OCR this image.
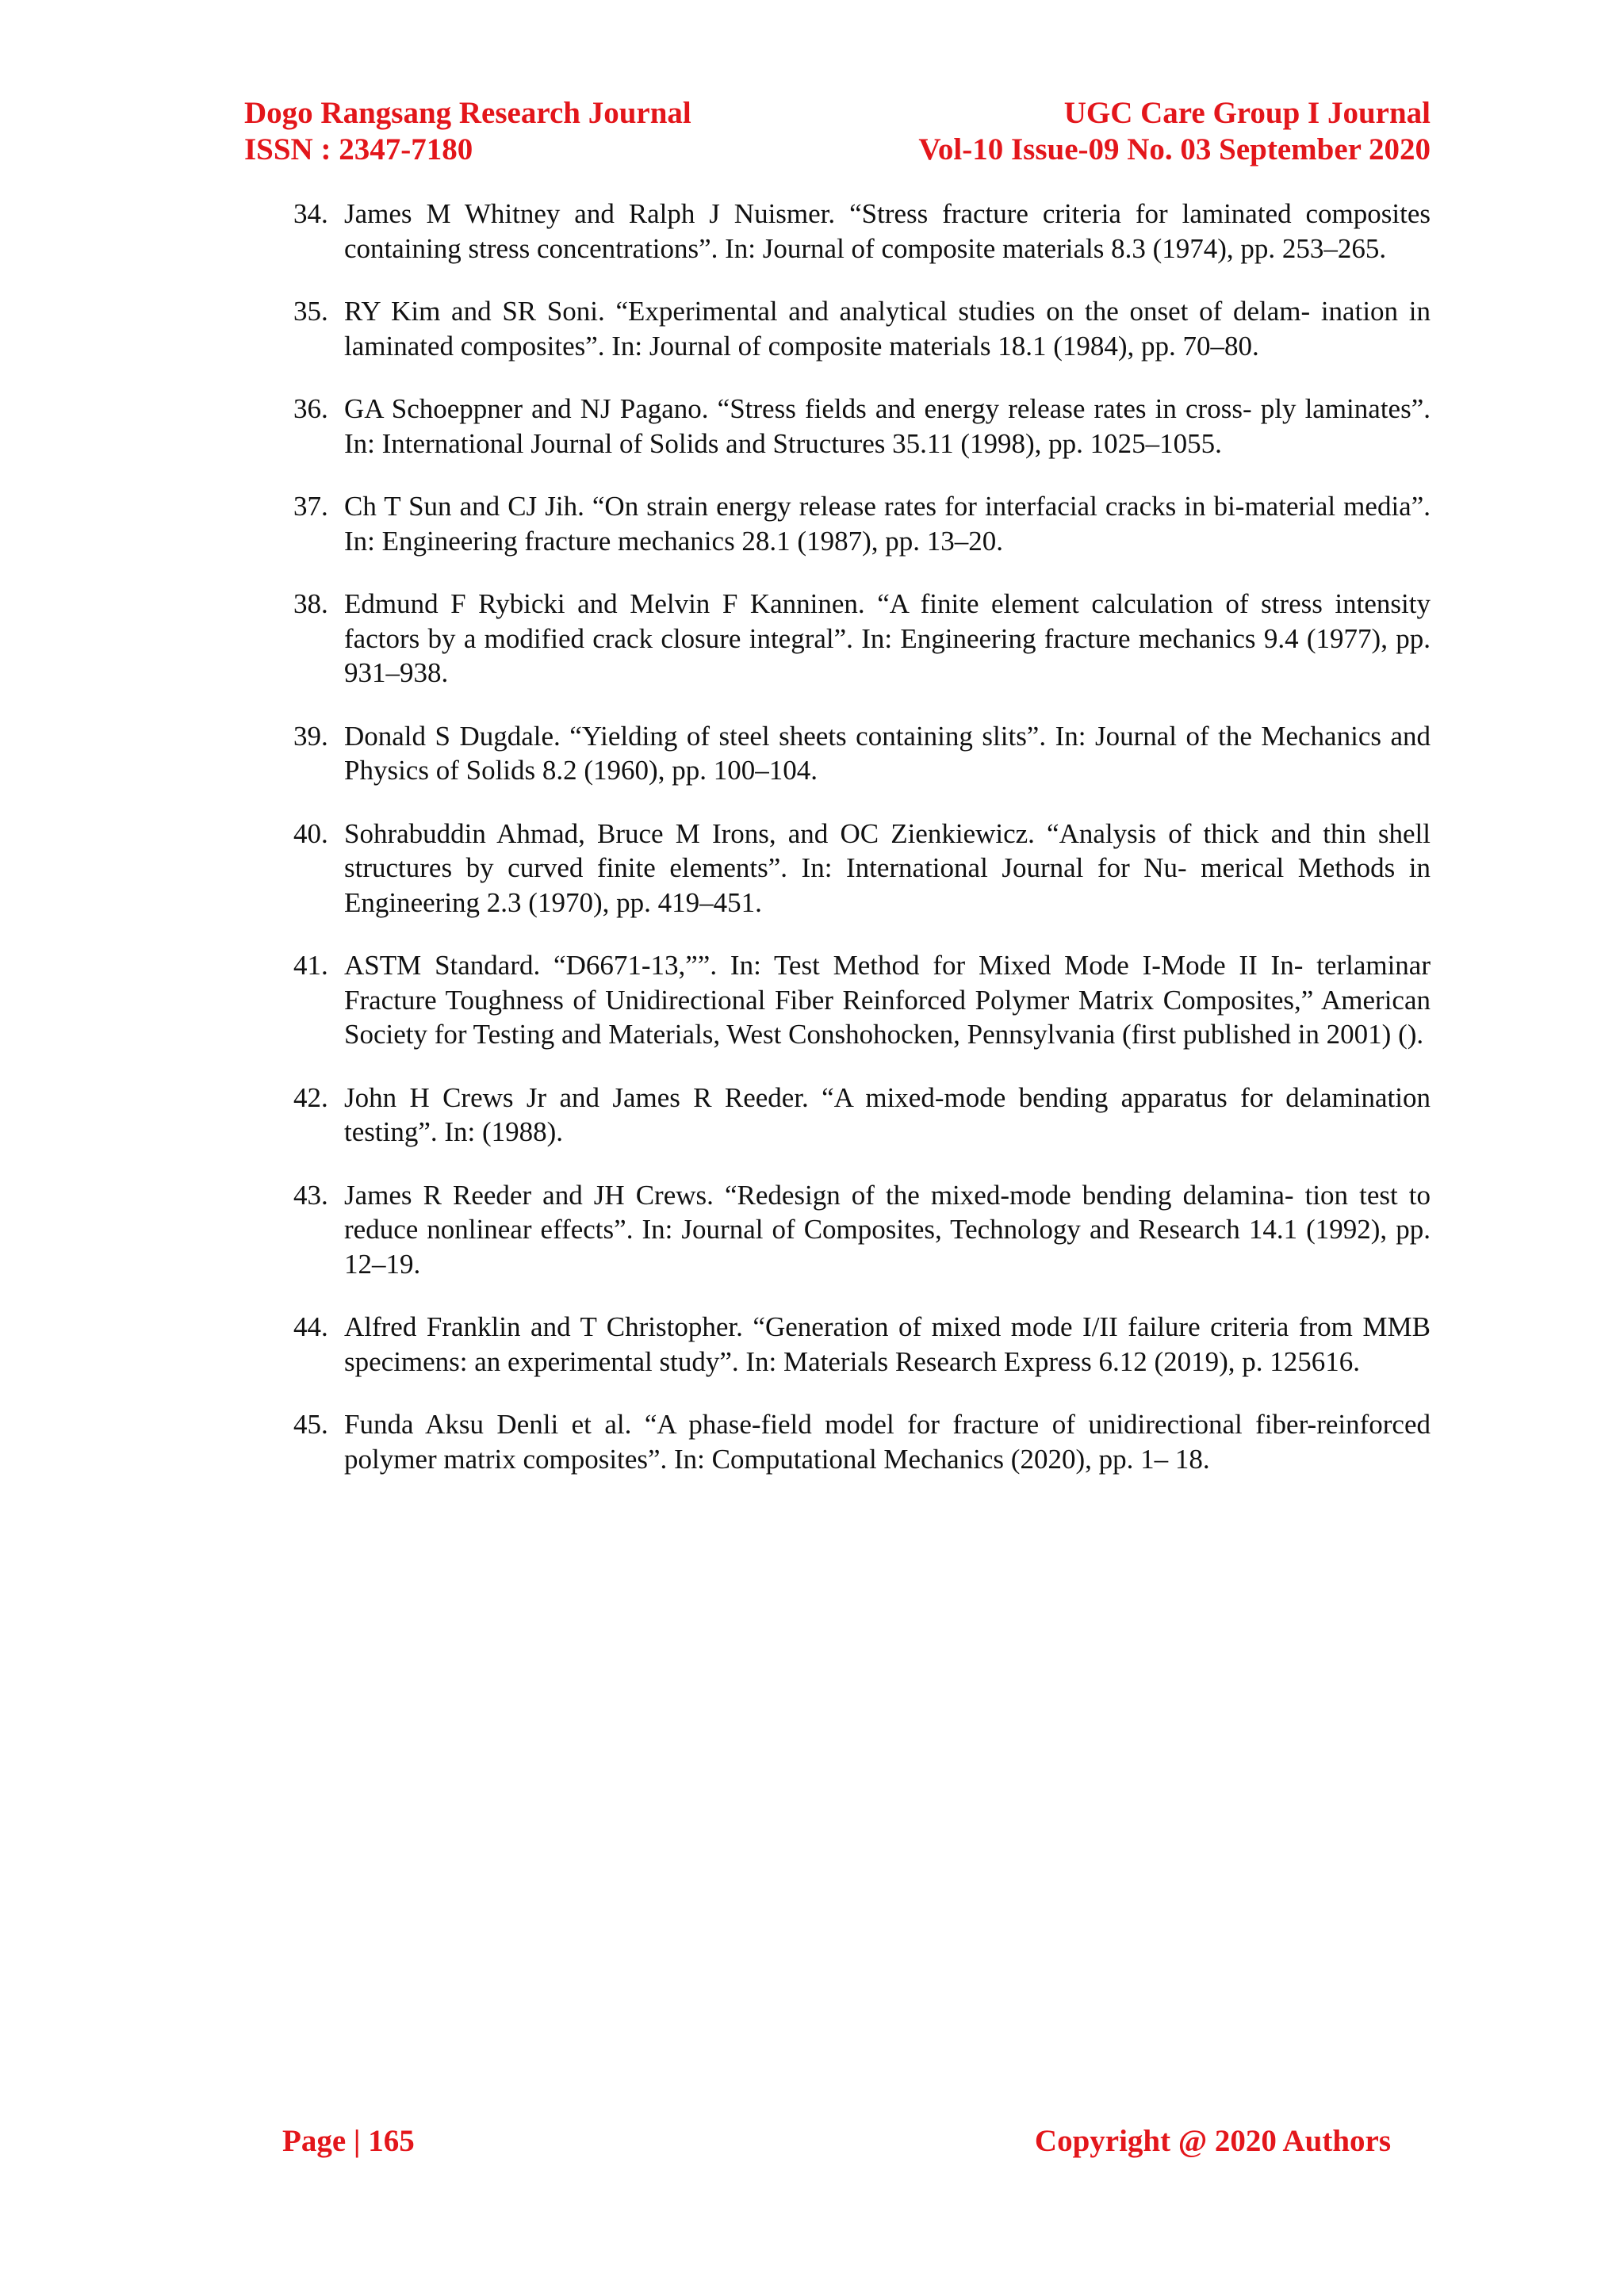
Dogo Rangsang Research Journal	UGC Care Group I Journal
ISSN : 2347-7180	Vol-10 Issue-09 No. 03 September 2020
34. James M Whitney and Ralph J Nuismer. “Stress fracture criteria for laminated composites containing stress concentrations”. In: Journal of composite materials 8.3 (1974), pp. 253–265.
35. RY Kim and SR Soni. “Experimental and analytical studies on the onset of delam- ination in laminated composites”. In: Journal of composite materials 18.1 (1984), pp. 70–80.
36. GA Schoeppner and NJ Pagano. “Stress fields and energy release rates in cross- ply laminates”. In: International Journal of Solids and Structures 35.11 (1998), pp. 1025–1055.
37. Ch T Sun and CJ Jih. “On strain energy release rates for interfacial cracks in bi-material media”. In: Engineering fracture mechanics 28.1 (1987), pp. 13–20.
38. Edmund F Rybicki and Melvin F Kanninen. “A finite element calculation of stress intensity factors by a modified crack closure integral”. In: Engineering fracture mechanics 9.4 (1977), pp. 931–938.
39. Donald S Dugdale. “Yielding of steel sheets containing slits”. In: Journal of the Mechanics and Physics of Solids 8.2 (1960), pp. 100–104.
40. Sohrabuddin Ahmad, Bruce M Irons, and OC Zienkiewicz. “Analysis of thick and thin shell structures by curved finite elements”. In: International Journal for Nu- merical Methods in Engineering 2.3 (1970), pp. 419–451.
41. ASTM Standard. “D6671-13,””. In: Test Method for Mixed Mode I-Mode II In- terlaminar Fracture Toughness of Unidirectional Fiber Reinforced Polymer Matrix Composites,” American Society for Testing and Materials, West Conshohocken, Pennsylvania (first published in 2001) ().
42. John H Crews Jr and James R Reeder. “A mixed-mode bending apparatus for delamination testing”. In: (1988).
43. James R Reeder and JH Crews. “Redesign of the mixed-mode bending delamina- tion test to reduce nonlinear effects”. In: Journal of Composites, Technology and Research 14.1 (1992), pp. 12–19.
44. Alfred Franklin and T Christopher. “Generation of mixed mode I/II failure criteria from MMB specimens: an experimental study”. In: Materials Research Express 6.12 (2019), p. 125616.
45. Funda Aksu Denli et al. “A phase-field model for fracture of unidirectional fiber-reinforced polymer matrix composites”. In: Computational Mechanics (2020), pp. 1– 18.
Page | 165	Copyright @ 2020 Authors
